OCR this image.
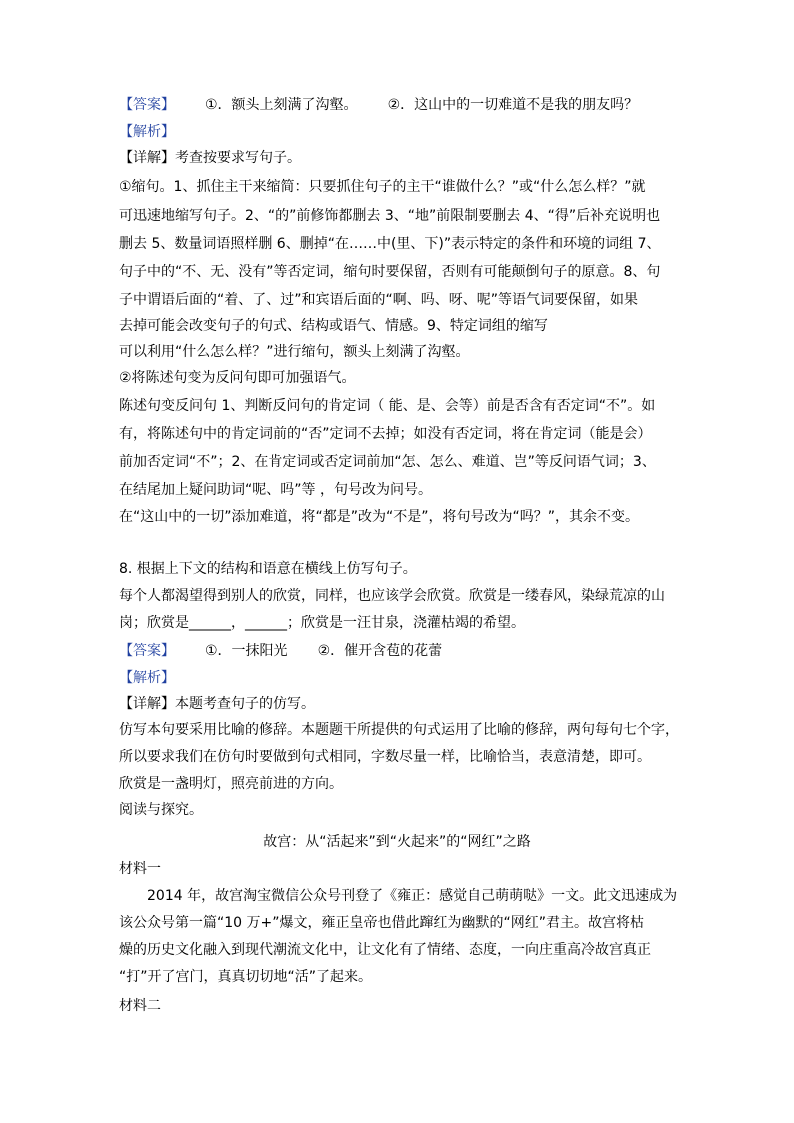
【答案】 ①．额头上刻满了沟壑。 ②．这山中的一切难道不是我的朋友吗？
【解析】
【详解】考查按要求写句子。
①缩句。1、抓住主干来缩简：只要抓住句子的主干“谁做什么？”或“什么怎么样？”就
可迅速地缩写句子。2、“的”前修饰都删去 3、“地”前限制要删去 4、“得”后补充说明也
删去 5、数量词语照样删 6、删掉“在……中(里、下)”表示特定的条件和环境的词组 7、
句子中的“不、无、没有”等否定词，缩句时要保留，否则有可能颠倒句子的原意。8、句
子中谓语后面的“着、了、过”和宾语后面的“啊、吗、呀、呢”等语气词要保留，如果
去掉可能会改变句子的句式、结构或语气、情感。9、特定词组的缩写
可以利用“什么怎么样？”进行缩句，额头上刻满了沟壑。
②将陈述句变为反问句即可加强语气。
陈述句变反问句 1、判断反问句的肯定词（ 能、是、会等）前是否含有否定词“不”。如
有，将陈述句中的肯定词前的“否”定词不去掉；如没有否定词，将在肯定词（能是会）
前加否定词“不”；2、在肯定词或否定词前加“怎、怎么、难道、岂”等反问语气词；3、
在结尾加上疑问助词“呢、吗”等 ，句号改为问号。
在“这山中的一切”添加难道，将“都是”改为“不是”，将句号改为“吗？”，其余不变。
8. 根据上下文的结构和语意在横线上仿写句子。
每个人都渴望得到别人的欣赏，同样，也应该学会欣赏。欣赏是一缕春风，染绿荒凉的山
岗；欣赏是______，______；欣赏是一汪甘泉，浇灌枯竭的希望。
【答案】 ①．一抹阳光 ②．催开含苞的花蕾
【解析】
【详解】本题考查句子的仿写。
仿写本句要采用比喻的修辞。本题题干所提供的句式运用了比喻的修辞，两句每句七个字，
所以要求我们在仿句时要做到句式相同，字数尽量一样，比喻恰当，表意清楚，即可。
欣赏是一盏明灯，照亮前进的方向。
阅读与探究。
故宫：从“活起来”到“火起来”的“网红”之路
材料一
2014 年，故宫淘宝微信公众号刊登了《雍正：感觉自己萌萌哒》一文。此文迅速成为
该公众号第一篇“10 万+”爆文，雍正皇帝也借此蹿红为幽默的“网红”君主。故宫将枯
燥的历史文化融入到现代潮流文化中，让文化有了情绪、态度，一向庄重高冷故宫真正
“打”开了宫门，真真切切地“活”了起来。
材料二
